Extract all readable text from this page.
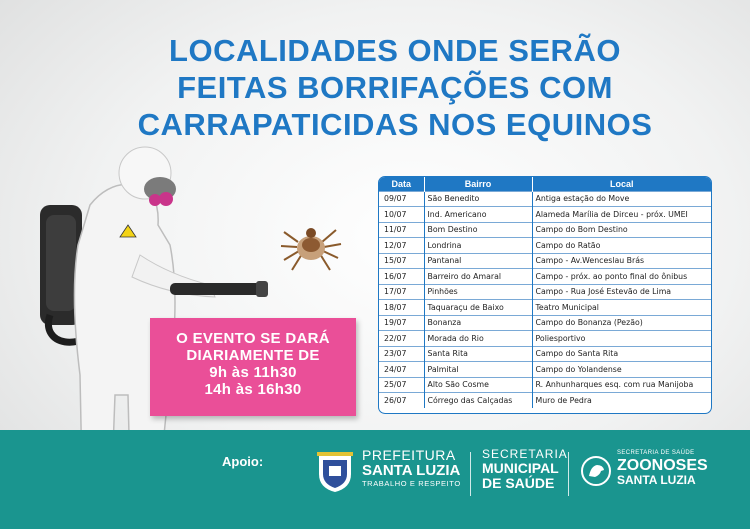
LOCALIDADES ONDE SERÃO
FEITAS BORRIFAÇÕES COM
CARRAPATICIDAS NOS EQUINOS
O EVENTO SE DARÁ
DIARIAMENTE DE
9h às 11h30
14h às 16h30
Data	Bairro	Local
09/07	São Benedito	Antiga estação do Move
10/07	Ind. Americano	Alameda Marília de Dirceu - próx. UMEI
11/07	Bom Destino	Campo do Bom Destino
12/07	Londrina	Campo do Ratão
15/07	Pantanal	Campo - Av.Wenceslau Brás
16/07	Barreiro do Amaral	Campo - próx. ao ponto final do ônibus
17/07	Pinhões	Campo - Rua José Estevão de Lima
18/07	Taquaraçu de Baixo	Teatro Municipal
19/07	Bonanza	Campo do Bonanza (Pezão)
22/07	Morada do Rio	Poliesportivo
23/07	Santa Rita	Campo do Santa Rita
24/07	Palmital	Campo do Yolandense
25/07	Alto São Cosme	R. Anhunharques esq. com rua Manijoba
26/07	Córrego das Calçadas	Muro de Pedra
Apoio:	PREFEITURA
SANTA LUZIA
TRABALHO E RESPEITO
SECRETARIA
MUNICIPAL
DE SAÚDE
SECRETARIA DE SAÚDE
ZOONOSES
SANTA LUZIA
